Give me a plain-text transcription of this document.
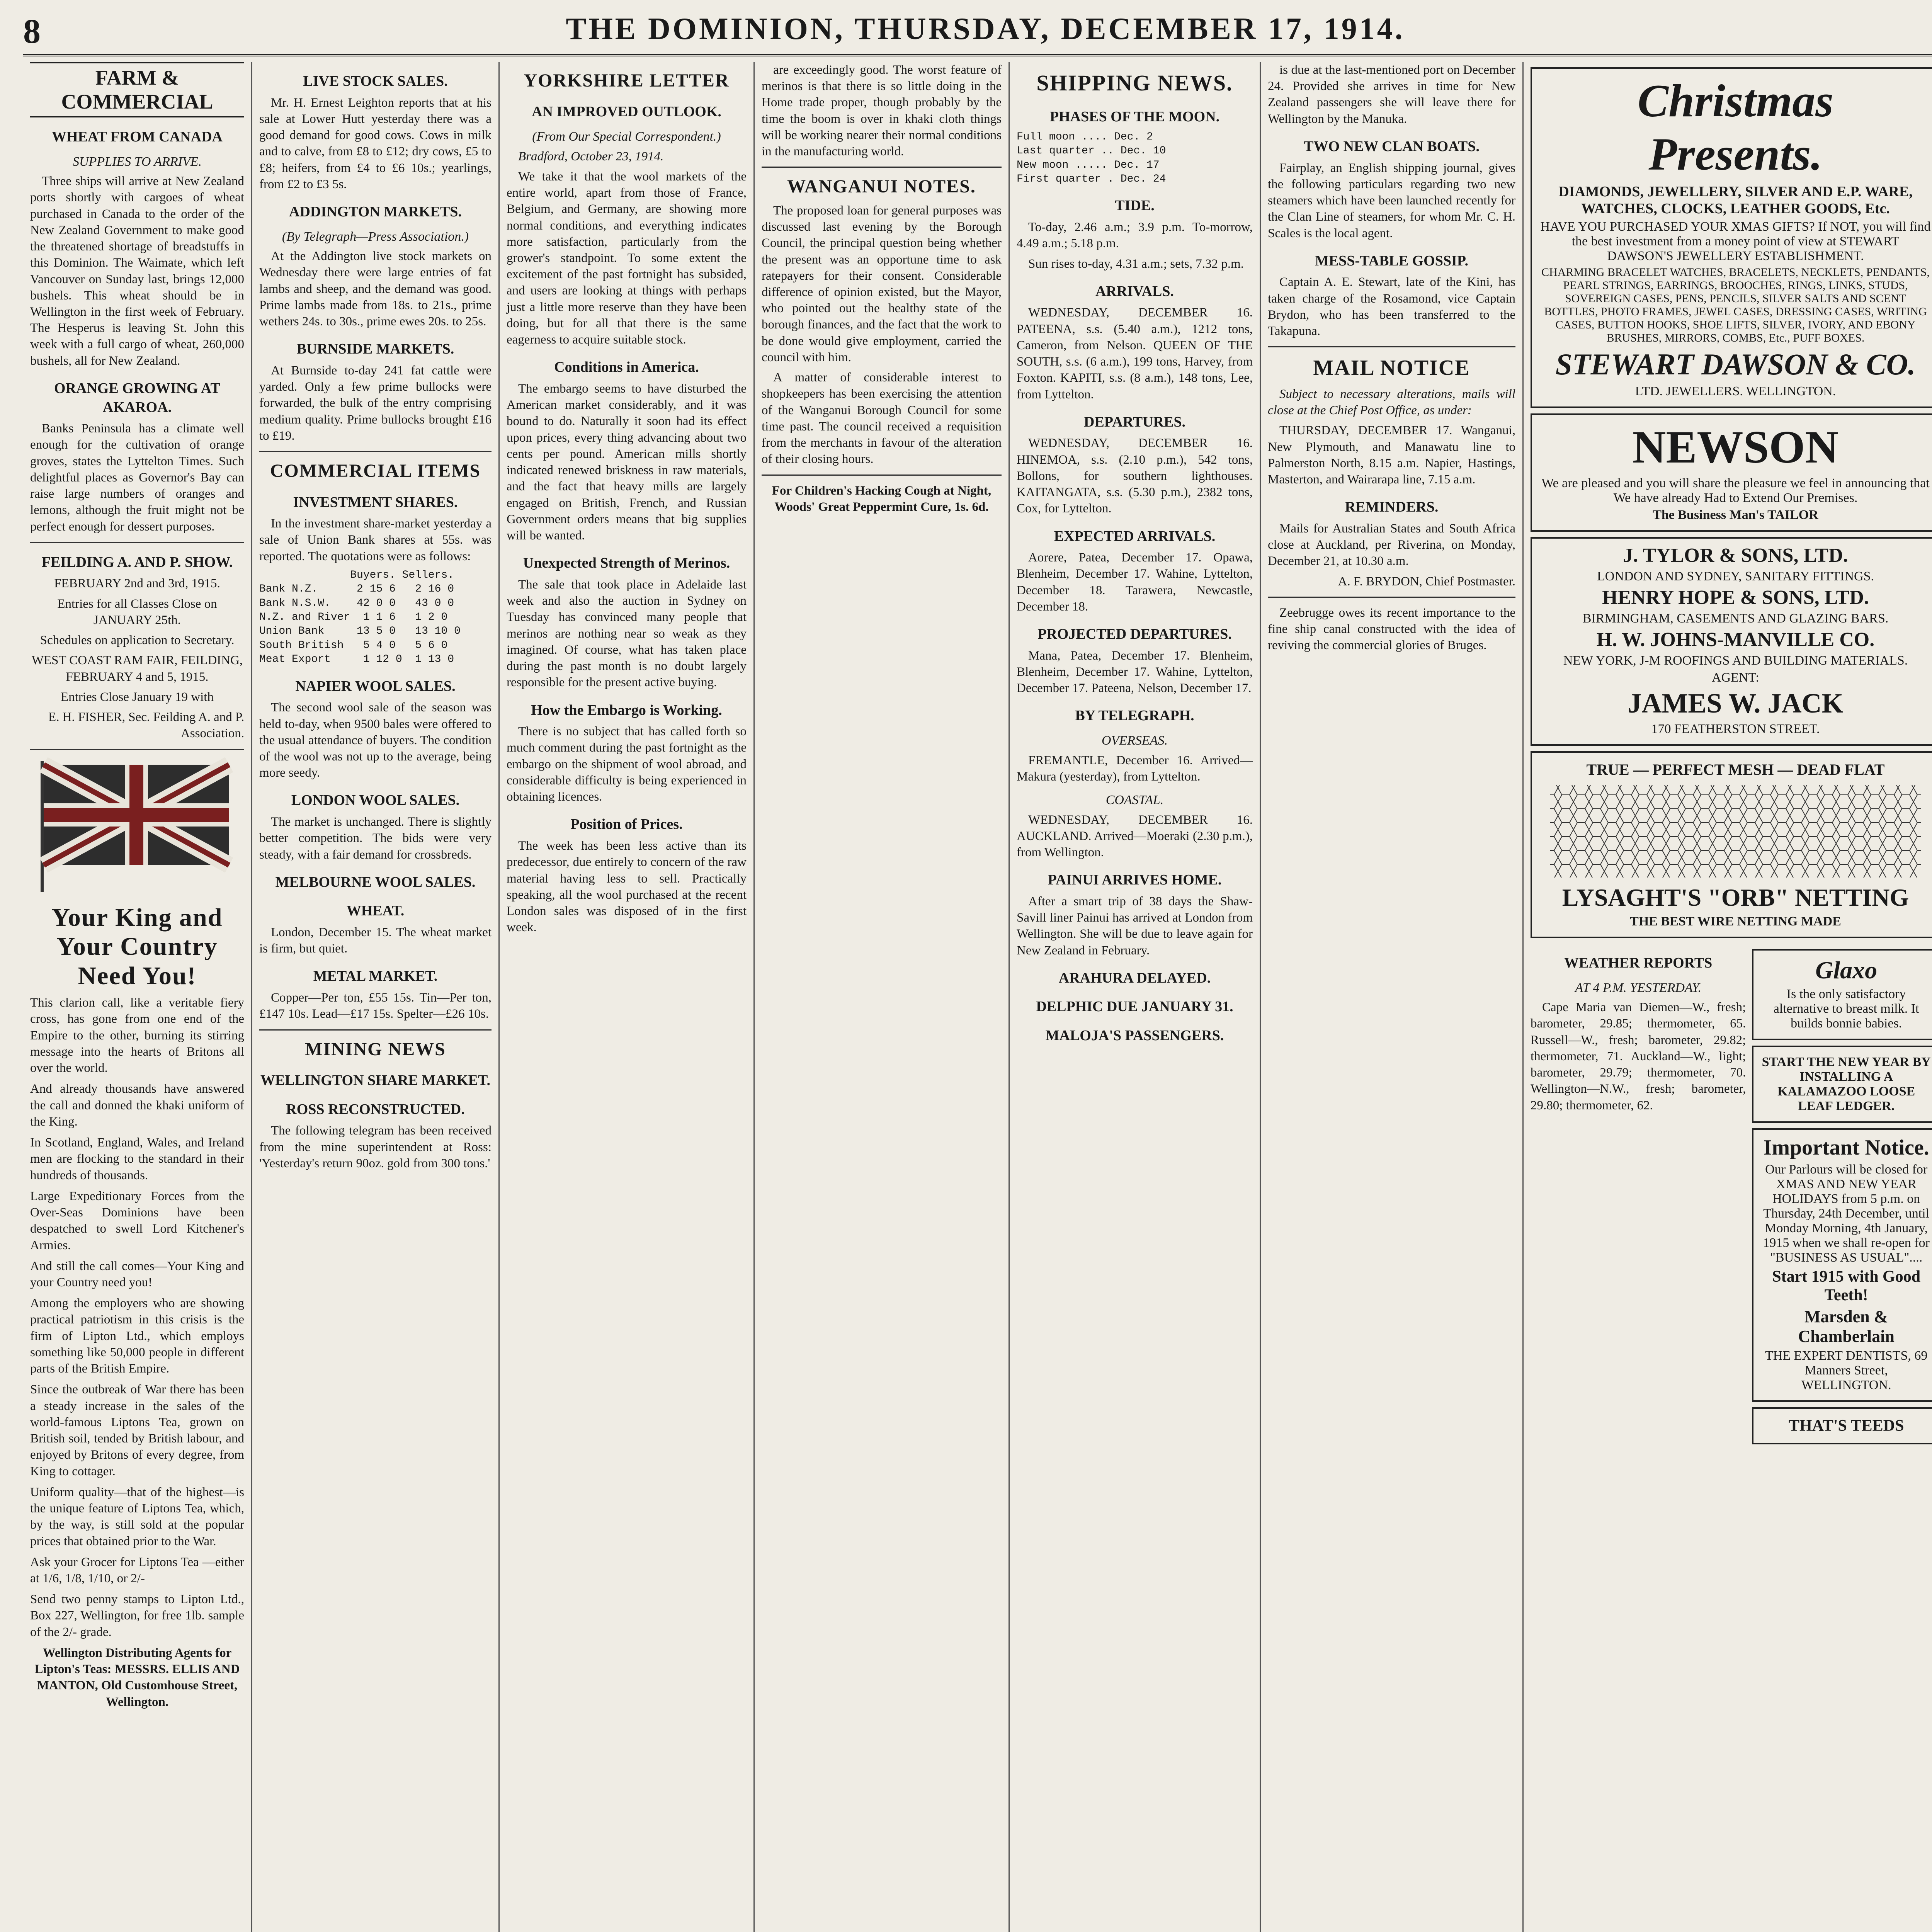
8	THE DOMINION, THURSDAY, DECEMBER 17, 1914.
FARM & COMMERCIAL
WHEAT FROM CANADA
SUPPLIES TO ARRIVE.

Three ships will arrive at New Zealand ports shortly with cargoes of wheat purchased in Canada to the order of the New Zealand Government to make good the threatened shortage of breadstuffs in this Dominion. The Waimate, which left Vancouver on Sunday last, brings 12,000 bushels. This wheat should be in Wellington in the first week of February. The Hesperus is leaving St. John this week with a full cargo of wheat, 260,000 bushels, all for New Zealand.

ORANGE GROWING AT AKAROA.

Banks Peninsula has a climate well enough for the cultivation of orange groves, states the Lyttelton Times. Such delightful places as Governor's Bay can raise large numbers of oranges and lemons, although the fruit might not be perfect enough for dessert purposes.

FEILDING A. AND P. SHOW.

FEBRUARY 2nd and 3rd, 1915.

Entries for all Classes Close on JANUARY 25th.

Schedules on application to Secretary.

WEST COAST RAM FAIR, FEILDING, FEBRUARY 4 and 5, 1915.

Entries Close January 19 with

E. H. FISHER, Sec. Feilding A. and P. Association.

Your King and Your Country Need You!

This clarion call, like a veritable fiery cross, has gone from one end of the Empire to the other, burning its stirring message into the hearts of Britons all over the world.

And already thousands have answered the call and donned the khaki uniform of the King.

In Scotland, England, Wales, and Ireland men are flocking to the standard in their hundreds of thousands.

Large Expeditionary Forces from the Over-Seas Dominions have been despatched to swell Lord Kitchener's Armies.

And still the call comes—Your King and your Country need you!

Among the employers who are showing practical patriotism in this crisis is the firm of Lipton Ltd., which employs something like 50,000 people in different parts of the British Empire.

Since the outbreak of War there has been a steady increase in the sales of the world-famous Liptons Tea, grown on British soil, tended by British labour, and enjoyed by Britons of every degree, from King to cottager.

Uniform quality—that of the highest—is the unique feature of Liptons Tea, which, by the way, is still sold at the popular prices that obtained prior to the War.

Ask your Grocer for Liptons Tea —either at 1/6, 1/8, 1/10, or 2/-

Send two penny stamps to Lipton Ltd., Box 227, Wellington, for free 1lb. sample of the 2/- grade.

Wellington Distributing Agents for Lipton's Teas: MESSRS. ELLIS AND MANTON, Old Customhouse Street, Wellington.

LIVE STOCK SALES.

Mr. H. Ernest Leighton reports that at his sale at Lower Hutt yesterday there was a good demand for good cows. Cows in milk and to calve, from £8 to £12; dry cows, £5 to £8; heifers, from £4 to £6 10s.; yearlings, from £2 to £3 5s.

ADDINGTON MARKETS.
(By Telegraph—Press Association.)

At the Addington live stock markets on Wednesday there were large entries of fat lambs and sheep, and the demand was good. Prime lambs made from 18s. to 21s., prime wethers 24s. to 30s., prime ewes 20s. to 25s.

BURNSIDE MARKETS.

At Burnside to-day 241 fat cattle were yarded. Only a few prime bullocks were forwarded, the bulk of the entry comprising medium quality. Prime bullocks brought £16 to £19.

COMMERCIAL ITEMS
INVESTMENT SHARES.

In the investment share-market yesterday a sale of Union Bank shares at 55s. was reported. The quotations were as follows:

Buyers. Sellers.
Bank N.Z.      2 15 6   2 16 0
Bank N.S.W.    42 0 0   43 0 0
N.Z. and River  1 1 6   1 2 0
Union Bank     13 5 0   13 10 0
South British   5 4 0   5 6 0
Meat Export     1 12 0  1 13 0
NAPIER WOOL SALES.

The second wool sale of the season was held to-day, when 9500 bales were offered to the usual attendance of buyers. The condition of the wool was not up to the average, being more seedy.

LONDON WOOL SALES.

The market is unchanged. There is slightly better competition. The bids were very steady, with a fair demand for crossbreds.

MELBOURNE WOOL SALES.
WHEAT.

London, December 15. The wheat market is firm, but quiet.

METAL MARKET.

Copper—Per ton, £55 15s. Tin—Per ton, £147 10s. Lead—£17 15s. Spelter—£26 10s.

MINING NEWS
WELLINGTON SHARE MARKET.
ROSS RECONSTRUCTED.

The following telegram has been received from the mine superintendent at Ross: 'Yesterday's return 90oz. gold from 300 tons.'

YORKSHIRE LETTER
AN IMPROVED OUTLOOK.
(From Our Special Correspondent.)

Bradford, October 23, 1914.

We take it that the wool markets of the entire world, apart from those of France, Belgium, and Germany, are showing more normal conditions, and everything indicates more satisfaction, particularly from the grower's standpoint. To some extent the excitement of the past fortnight has subsided, and users are looking at things with perhaps just a little more reserve than they have been doing, but for all that there is the same eagerness to acquire suitable stock.

Conditions in America.

The embargo seems to have disturbed the American market considerably, and it was bound to do. Naturally it soon had its effect upon prices, every thing advancing about two cents per pound. American mills shortly indicated renewed briskness in raw materials, and the fact that heavy mills are largely engaged on British, French, and Russian Government orders means that big supplies will be wanted.

Unexpected Strength of Merinos.

The sale that took place in Adelaide last week and also the auction in Sydney on Tuesday has convinced many people that merinos are nothing near so weak as they imagined. Of course, what has taken place during the past month is no doubt largely responsible for the present active buying.

How the Embargo is Working.

There is no subject that has called forth so much comment during the past fortnight as the embargo on the shipment of wool abroad, and considerable difficulty is being experienced in obtaining licences.

Position of Prices.

The week has been less active than its predecessor, due entirely to concern of the raw material having less to sell. Practically speaking, all the wool purchased at the recent London sales was disposed of in the first week.

are exceedingly good. The worst feature of merinos is that there is so little doing in the Home trade proper, though probably by the time the boom is over in khaki cloth things will be working nearer their normal conditions in the manufacturing world.

WANGANUI NOTES.

The proposed loan for general purposes was discussed last evening by the Borough Council, the principal question being whether the present was an opportune time to ask ratepayers for their consent. Considerable difference of opinion existed, but the Mayor, who pointed out the healthy state of the borough finances, and the fact that the work to be done would give employment, carried the council with him.

A matter of considerable interest to shopkeepers has been exercising the attention of the Wanganui Borough Council for some time past. The council received a requisition from the merchants in favour of the alteration of their closing hours.

For Children's Hacking Cough at Night, Woods' Great Peppermint Cure, 1s. 6d.

SHIPPING NEWS.
PHASES OF THE MOON.
Full moon .... Dec. 2
Last quarter .. Dec. 10
New moon ..... Dec. 17
First quarter . Dec. 24
TIDE.

To-day, 2.46 a.m.; 3.9 p.m. To-morrow, 4.49 a.m.; 5.18 p.m.

Sun rises to-day, 4.31 a.m.; sets, 7.32 p.m.

ARRIVALS.

WEDNESDAY, DECEMBER 16. PATEENA, s.s. (5.40 a.m.), 1212 tons, Cameron, from Nelson. QUEEN OF THE SOUTH, s.s. (6 a.m.), 199 tons, Harvey, from Foxton. KAPITI, s.s. (8 a.m.), 148 tons, Lee, from Lyttelton.

DEPARTURES.

WEDNESDAY, DECEMBER 16. HINEMOA, s.s. (2.10 p.m.), 542 tons, Bollons, for southern lighthouses. KAITANGATA, s.s. (5.30 p.m.), 2382 tons, Cox, for Lyttelton.

EXPECTED ARRIVALS.

Aorere, Patea, December 17. Opawa, Blenheim, December 17. Wahine, Lyttelton, December 18. Tarawera, Newcastle, December 18.

PROJECTED DEPARTURES.

Mana, Patea, December 17. Blenheim, Blenheim, December 17. Wahine, Lyttelton, December 17. Pateena, Nelson, December 17.

BY TELEGRAPH.
OVERSEAS.

FREMANTLE, December 16. Arrived—Makura (yesterday), from Lyttelton.

COASTAL.

WEDNESDAY, DECEMBER 16. AUCKLAND. Arrived—Moeraki (2.30 p.m.), from Wellington.

PAINUI ARRIVES HOME.

After a smart trip of 38 days the Shaw-Savill liner Painui has arrived at London from Wellington. She will be due to leave again for New Zealand in February.

ARAHURA DELAYED.
DELPHIC DUE JANUARY 31.
MALOJA'S PASSENGERS.

is due at the last-mentioned port on December 24. Provided she arrives in time for New Zealand passengers she will leave there for Wellington by the Manuka.

TWO NEW CLAN BOATS.

Fairplay, an English shipping journal, gives the following particulars regarding two new steamers which have been launched recently for the Clan Line of steamers, for whom Mr. C. H. Scales is the local agent.

MESS-TABLE GOSSIP.

Captain A. E. Stewart, late of the Kini, has taken charge of the Rosamond, vice Captain Brydon, who has been transferred to the Takapuna.

MAIL NOTICE

Subject to necessary alterations, mails will close at the Chief Post Office, as under:

THURSDAY, DECEMBER 17. Wanganui, New Plymouth, and Manawatu line to Palmerston North, 8.15 a.m. Napier, Hastings, Masterton, and Wairarapa line, 7.15 a.m.

REMINDERS.

Mails for Australian States and South Africa close at Auckland, per Riverina, on Monday, December 21, at 10.30 a.m.

A. F. BRYDON, Chief Postmaster.

Zeebrugge owes its recent importance to the fine ship canal constructed with the idea of reviving the commercial glories of Bruges.

Christmas
Presents.
DIAMONDS, JEWELLERY, SILVER AND E.P. WARE, WATCHES, CLOCKS, LEATHER GOODS, Etc.
HAVE YOU PURCHASED YOUR XMAS GIFTS? If NOT, you will find the best investment from a money point of view at STEWART DAWSON'S JEWELLERY ESTABLISHMENT.
CHARMING BRACELET WATCHES, BRACELETS, NECKLETS, PENDANTS, PEARL STRINGS, EARRINGS, BROOCHES, RINGS, LINKS, STUDS, SOVEREIGN CASES, PENS, PENCILS, SILVER SALTS AND SCENT BOTTLES, PHOTO FRAMES, JEWEL CASES, DRESSING CASES, WRITING CASES, BUTTON HOOKS, SHOE LIFTS, SILVER, IVORY, AND EBONY BRUSHES, MIRRORS, COMBS, Etc., PUFF BOXES.
STEWART DAWSON & CO.
LTD. JEWELLERS. WELLINGTON.
NEWSON
We are pleased and you will share the pleasure we feel in announcing that We have already Had to Extend Our Premises.
The Business Man's TAILOR
J. TYLOR & SONS, LTD.
LONDON AND SYDNEY, SANITARY FITTINGS.
HENRY HOPE & SONS, LTD.
BIRMINGHAM, CASEMENTS AND GLAZING BARS.
H. W. JOHNS-MANVILLE CO.
NEW YORK, J-M ROOFINGS AND BUILDING MATERIALS.
AGENT:
JAMES W. JACK
170 FEATHERSTON STREET.
TRUE — PERFECT MESH — DEAD FLAT
LYSAGHT'S "ORB" NETTING
THE BEST WIRE NETTING MADE
WEATHER REPORTS
AT 4 P.M. YESTERDAY.

Cape Maria van Diemen—W., fresh; barometer, 29.85; thermometer, 65. Russell—W., fresh; barometer, 29.82; thermometer, 71. Auckland—W., light; barometer, 29.79; thermometer, 70. Wellington—N.W., fresh; barometer, 29.80; thermometer, 62.

Glaxo
Is the only satisfactory alternative to breast milk. It builds bonnie babies.
START THE NEW YEAR BY INSTALLING A KALAMAZOO LOOSE LEAF LEDGER.
Important Notice.
Our Parlours will be closed for XMAS AND NEW YEAR HOLIDAYS from 5 p.m. on Thursday, 24th December, until Monday Morning, 4th January, 1915 when we shall re-open for "BUSINESS AS USUAL"....
Start 1915 with Good Teeth!
Marsden & Chamberlain
THE EXPERT DENTISTS, 69 Manners Street, WELLINGTON.
THAT'S TEEDS
